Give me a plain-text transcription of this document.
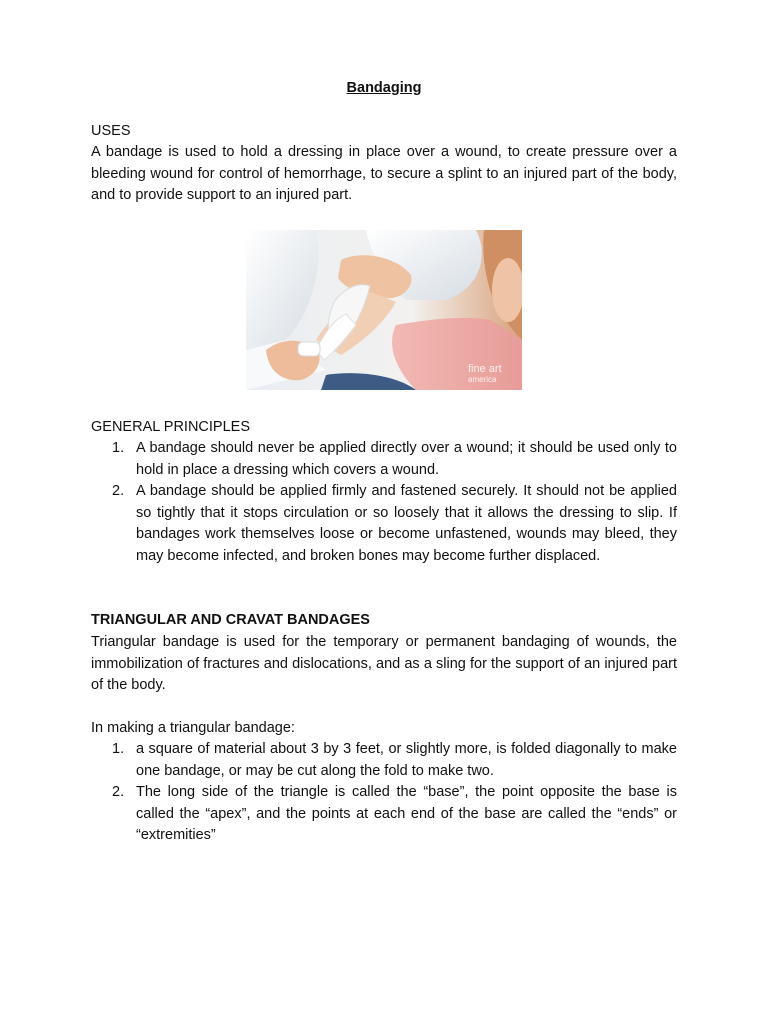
Bandaging
USES
A bandage is used to hold a dressing in place over a wound, to create pressure over a bleeding wound for control of hemorrhage, to secure a splint to an injured part of the body, and to provide support to an injured part.
fine art
america
GENERAL PRINCIPLES
1. A bandage should never be applied directly over a wound; it should be used only to hold in place a dressing which covers a wound.
2. A bandage should be applied firmly and fastened securely. It should not be applied so tightly that it stops circulation or so loosely that it allows the dressing to slip. If bandages work themselves loose or become unfastened, wounds may bleed, they may become infected, and broken bones may become further displaced.
TRIANGULAR AND CRAVAT BANDAGES
Triangular bandage is used for the temporary or permanent bandaging of wounds, the immobilization of fractures and dislocations, and as a sling for the support of an injured part of the body.
In making a triangular bandage:
1. a square of material about 3 by 3 feet, or slightly more, is folded diagonally to make one bandage, or may be cut along the fold to make two.
2. The long side of the triangle is called the “base”, the point opposite the base is called the “apex”, and the points at each end of the base are called the “ends” or “extremities”
